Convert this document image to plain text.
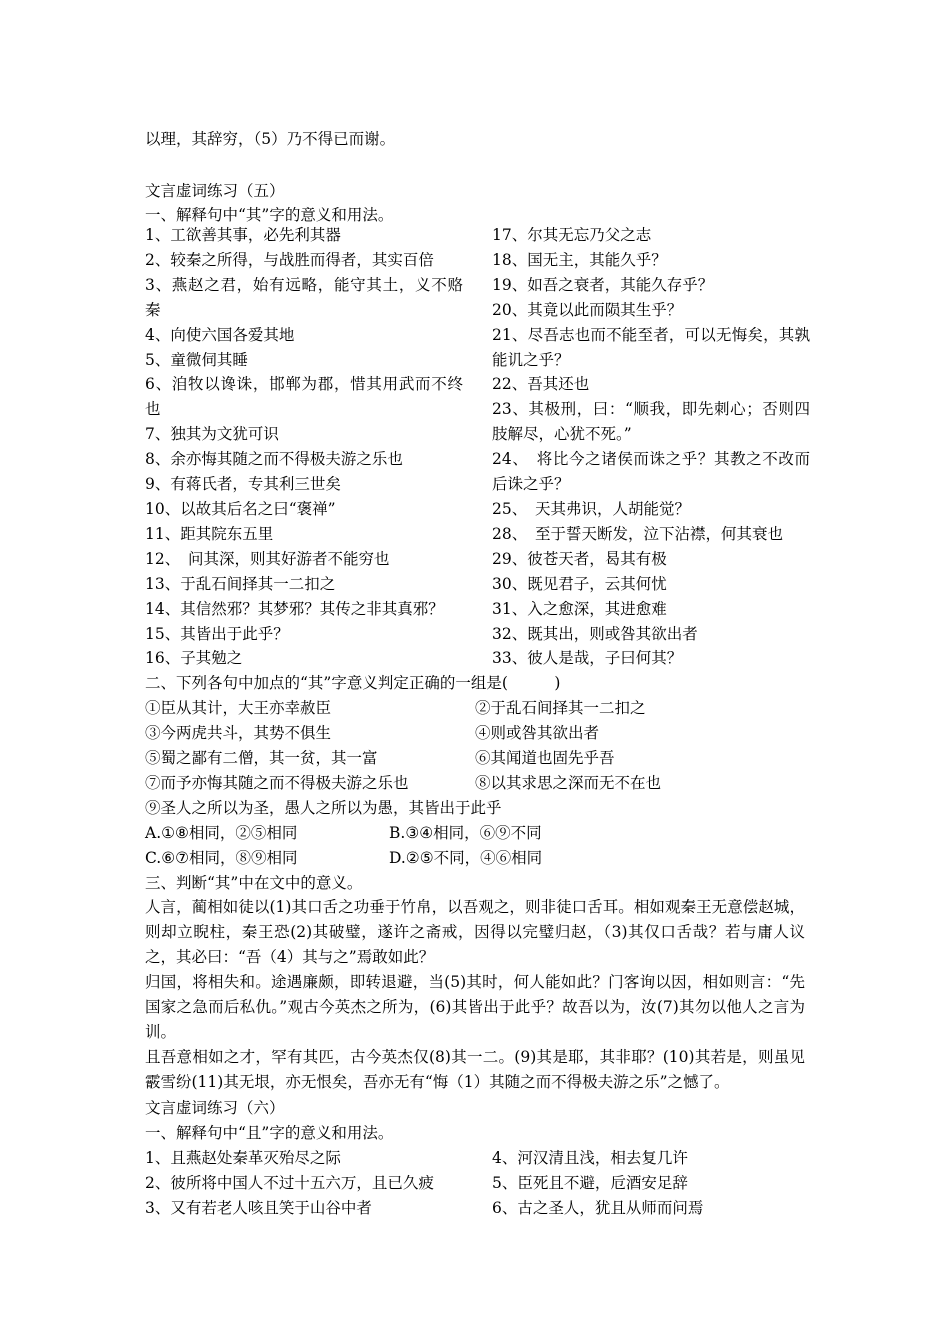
以理，其辞穷，（5）乃不得已而谢。
文言虚词练习（五）
一、解释句中“其”字的意义和用法。
1、工欲善其事，必先利其器
2、较秦之所得，与战胜而得者，其实百倍
3、燕赵之君，始有远略，能守其土，义不赂秦
4、向使六国各爱其地
5、童微伺其睡
6、洎牧以谗诛，邯郸为郡，惜其用武而不终也
7、独其为文犹可识
8、余亦悔其随之而不得极夫游之乐也
9、有蒋氏者，专其利三世矣
10、以故其后名之曰“褒禅”
11、距其院东五里
12、　问其深，则其好游者不能穷也
13、于乱石间择其一二扣之
14、其信然邪？其梦邪？其传之非其真邪？
15、其皆出于此乎？
16、子其勉之
17、尔其无忘乃父之志
18、国无主，其能久乎？
19、如吾之衰者，其能久存乎？
20、其竟以此而陨其生乎？
21、尽吾志也而不能至者，可以无悔矣，其孰能讥之乎？
22、吾其还也
23、其极刑，曰：“顺我，即先刺心；否则四肢解尽，心犹不死。”
24、　将比今之诸侯而诛之乎？其教之不改而后诛之乎？
25、　天其弗识，人胡能觉？
28、　至于誓天断发，泣下沾襟，何其衰也
29、彼苍天者，曷其有极
30、既见君子，云其何忧
31、入之愈深，其进愈难
32、既其出，则或咎其欲出者
33、彼人是哉，子曰何其？
二、下列各句中加点的“其”字意义判定正确的一组是(　　　)
①臣从其计，大王亦幸赦臣	②于乱石间择其一二扣之
③今两虎共斗，其势不俱生	④则或咎其欲出者
⑤蜀之鄙有二僧，其一贫，其一富	⑥其闻道也固先乎吾
⑦而予亦悔其随之而不得极夫游之乐也	⑧以其求思之深而无不在也
⑨圣人之所以为圣，愚人之所以为愚，其皆出于此乎
A.①⑧相同，②⑤相同	B.③④相同，⑥⑨不同
C.⑥⑦相同，⑧⑨相同	D.②⑤不同，④⑥相同
三、判断“其”中在文中的意义。
人言，蔺相如徒以(1)其口舌之功垂于竹帛，以吾观之，则非徒口舌耳。相如观秦王无意偿赵城，则却立睨柱，秦王恐(2)其破璧，遂许之斋戒，因得以完璧归赵，（3)其仅口舌哉？若与庸人议之，其必曰：“吾（4）其与之”焉敢如此？
归国，将相失和。途遇廉颇，即转退避，当(5)其时，何人能如此？门客询以因，相如则言：“先国家之急而后私仇。”观古今英杰之所为，(6)其皆出于此乎？故吾以为，汝(7)其勿以他人之言为训。
且吾意相如之才，罕有其匹，古今英杰仅(8)其一二。(9)其是耶，其非耶？(10)其若是，则虽见霰雪纷(11)其无垠，亦无恨矣，吾亦无有“悔（1）其随之而不得极夫游之乐”之憾了。
文言虚词练习（六）
一、解释句中“且”字的意义和用法。
1、且燕赵处秦革灭殆尽之际	4、河汉清且浅，相去复几许
2、彼所将中国人不过十五六万，且已久疲	5、臣死且不避，卮酒安足辞
3、又有若老人咳且笑于山谷中者	6、古之圣人，犹且从师而问焉
